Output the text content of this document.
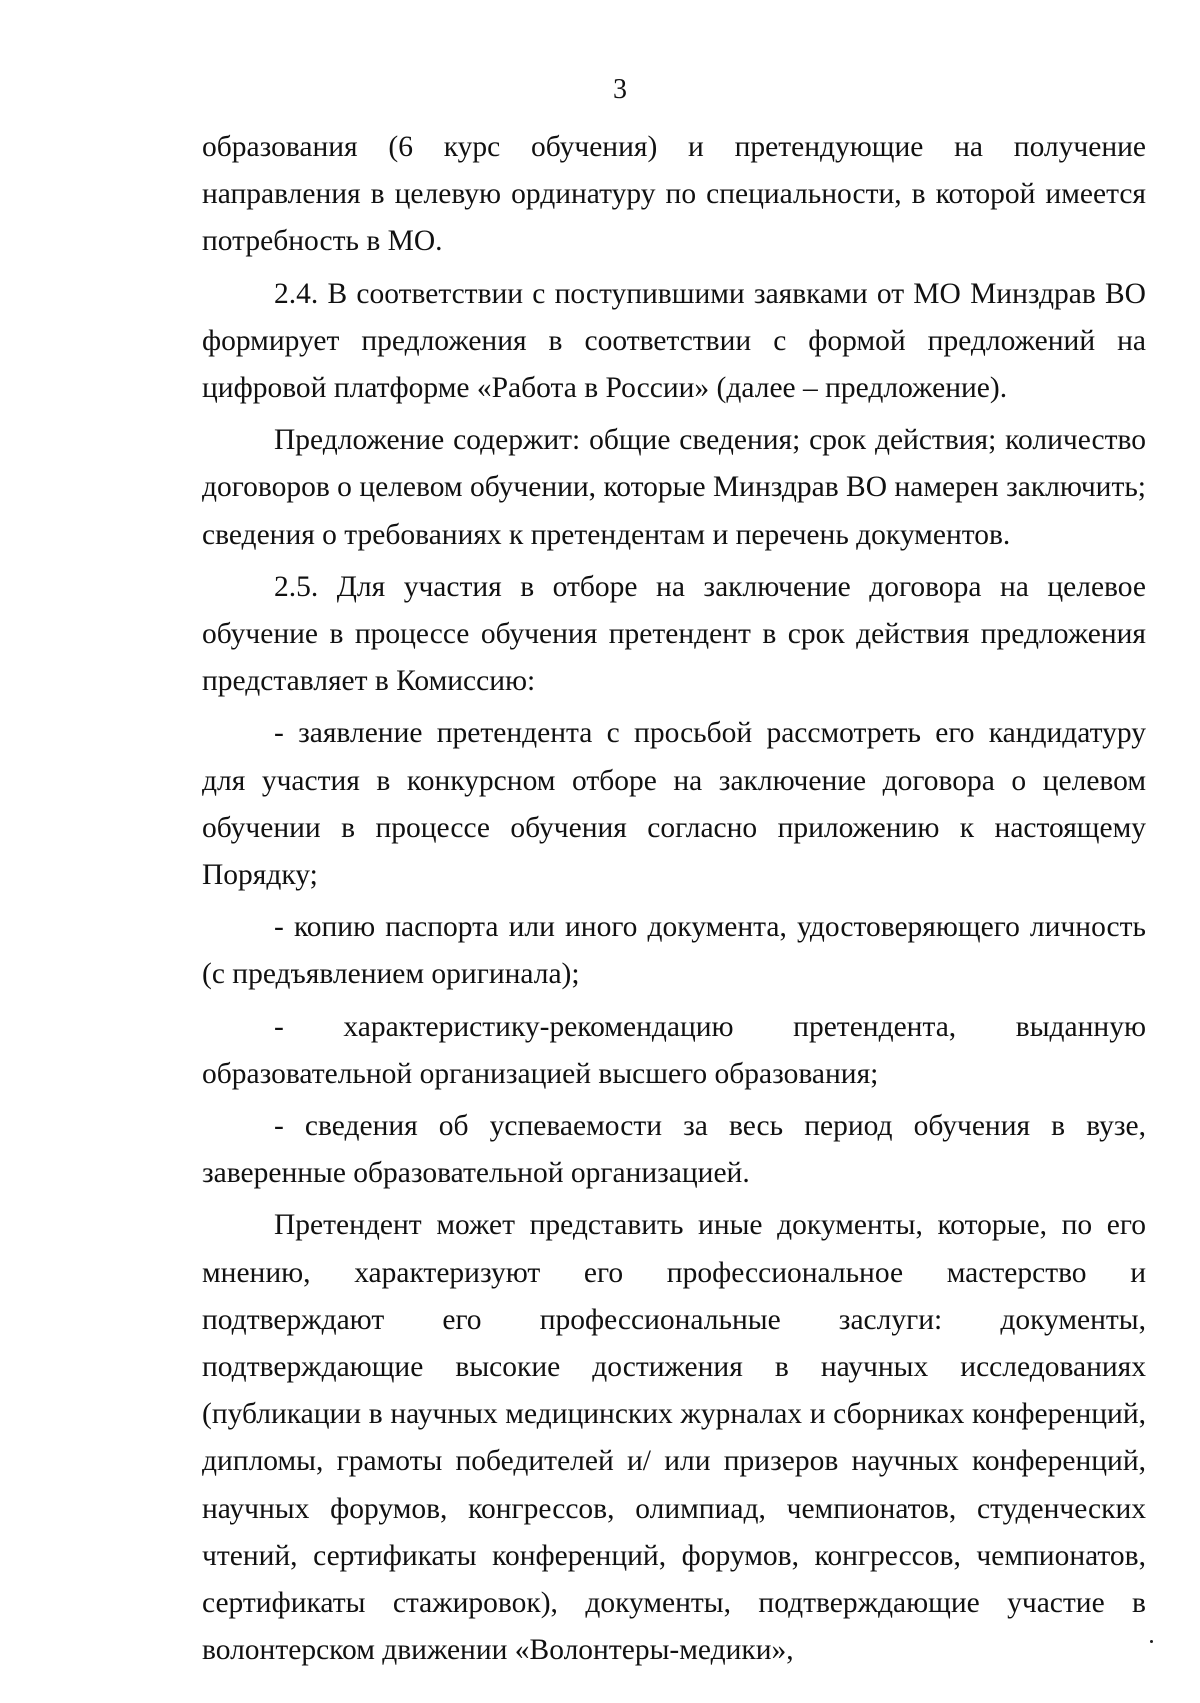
3

образования (6 курс обучения) и претендующие на получение направления в целевую ординатуру по специальности, в которой имеется потребность в МО.

2.4. В соответствии с поступившими заявками от МО Минздрав ВО формирует предложения в соответствии с формой предложений на цифровой платформе «Работа в России» (далее – предложение).

Предложение содержит: общие сведения; срок действия; количество договоров о целевом обучении, которые Минздрав ВО намерен заключить; сведения о требованиях к претендентам и перечень документов.

2.5. Для участия в отборе на заключение договора на целевое обучение в процессе обучения претендент в срок действия предложения представляет в Комиссию:

- заявление претендента с просьбой рассмотреть его кандидатуру для участия в конкурсном отборе на заключение договора о целевом обучении в процессе обучения согласно приложению к настоящему Порядку;

- копию паспорта или иного документа, удостоверяющего личность (с предъявлением оригинала);

- характеристику-рекомендацию претендента, выданную образовательной организацией высшего образования;

- сведения об успеваемости за весь период обучения в вузе, заверенные образовательной организацией.

Претендент может представить иные документы, которые, по его мнению, характеризуют его профессиональное мастерство и подтверждают его профессиональные заслуги: документы, подтверждающие высокие достижения в научных исследованиях (публикации в научных медицинских журналах и сборниках конференций, дипломы, грамоты победителей и/ или призеров научных конференций, научных форумов, конгрессов, олимпиад, чемпионатов, студенческих чтений, сертификаты конференций, форумов, конгрессов, чемпионатов, сертификаты стажировок), документы, подтверждающие участие в волонтерском движении «Волонтеры-медики»,
